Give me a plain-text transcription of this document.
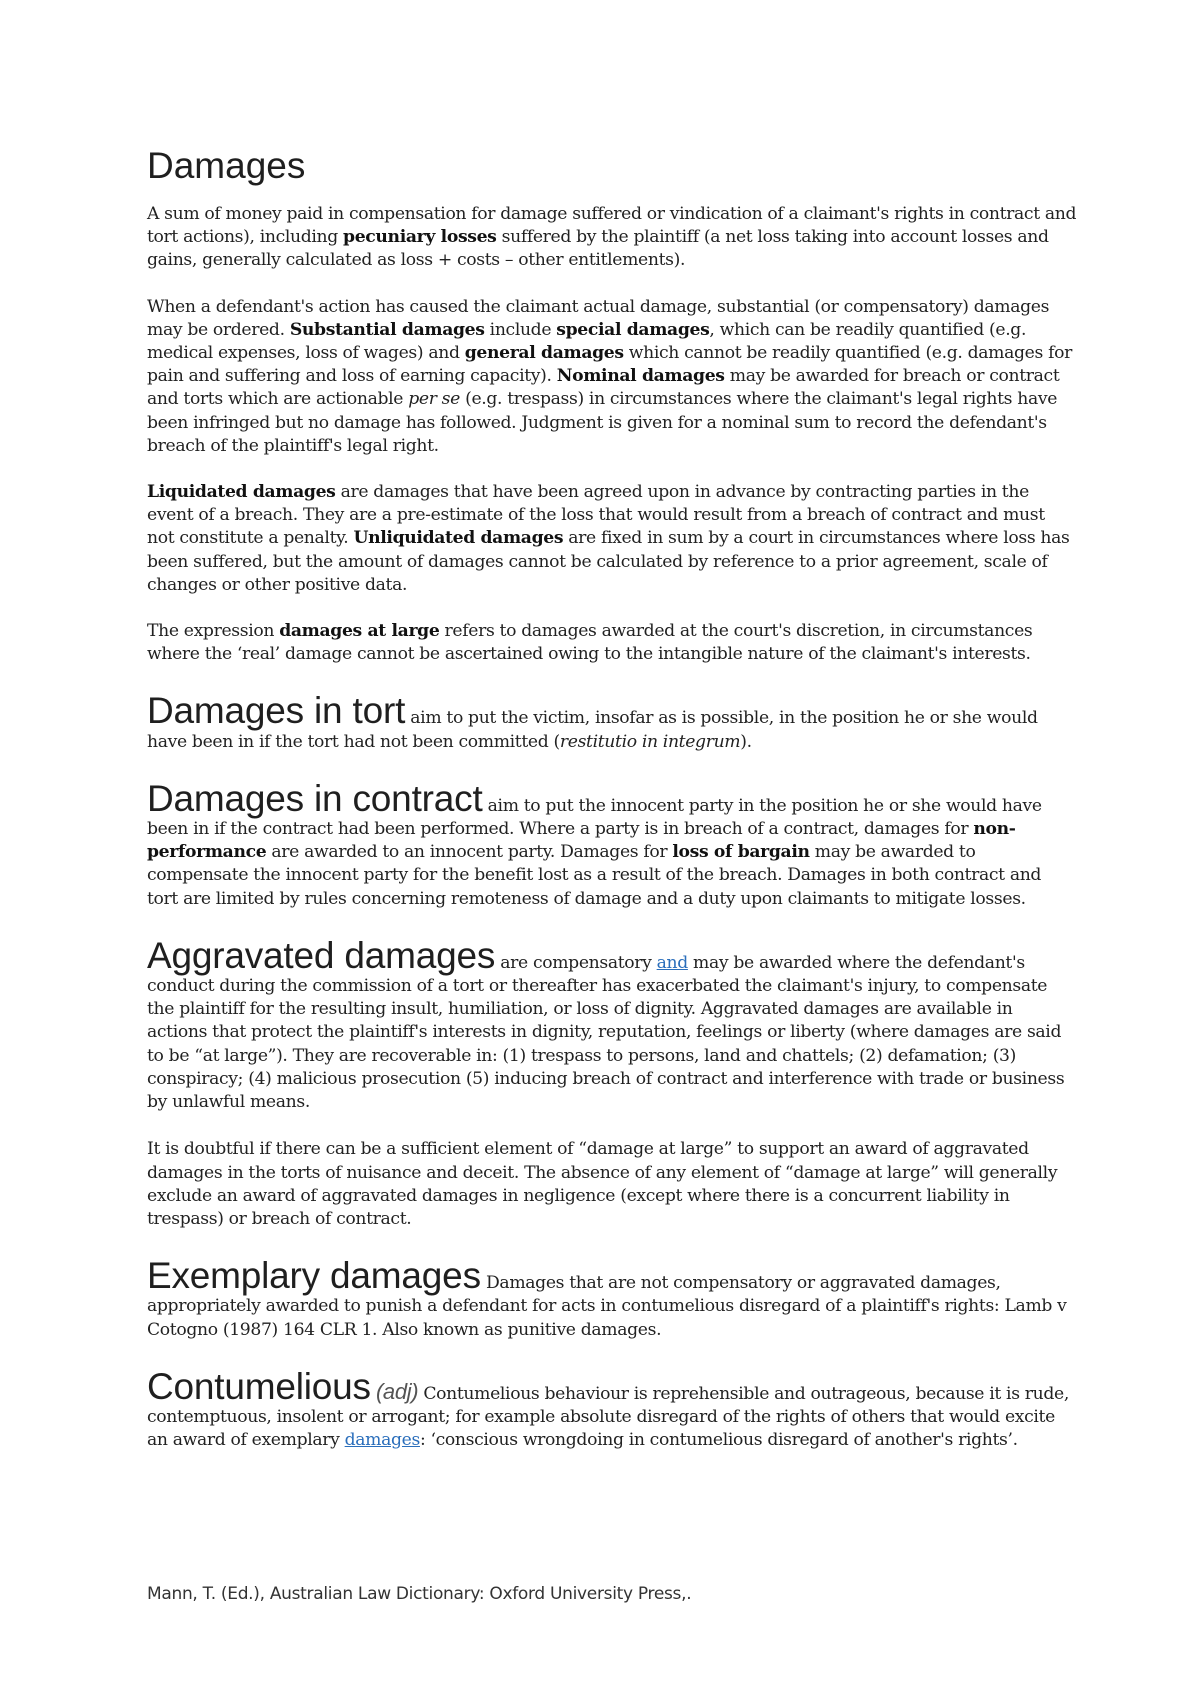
Damages

A sum of money paid in compensation for damage suffered or vindication of a claimant's rights in contract and tort actions), including pecuniary losses suffered by the plaintiff (a net loss taking into account losses and gains, generally calculated as loss + costs – other entitlements).

When a defendant's action has caused the claimant actual damage, substantial (or compensatory) damages may be ordered. Substantial damages include special damages, which can be readily quantified (e.g. medical expenses, loss of wages) and general damages which cannot be readily quantified (e.g. damages for pain and suffering and loss of earning capacity). Nominal damages may be awarded for breach or contract and torts which are actionable per se (e.g. trespass) in circumstances where the claimant's legal rights have been infringed but no damage has followed. Judgment is given for a nominal sum to record the defendant's breach of the plaintiff's legal right.

Liquidated damages are damages that have been agreed upon in advance by contracting parties in the event of a breach. They are a pre-estimate of the loss that would result from a breach of contract and must not constitute a penalty. Unliquidated damages are fixed in sum by a court in circumstances where loss has been suffered, but the amount of damages cannot be calculated by reference to a prior agreement, scale of changes or other positive data.

The expression damages at large refers to damages awarded at the court's discretion, in circumstances where the ‘real’ damage cannot be ascertained owing to the intangible nature of the claimant's interests.

Damages in tort aim to put the victim, insofar as is possible, in the position he or she would have been in if the tort had not been committed (restitutio in integrum).

Damages in contract aim to put the innocent party in the position he or she would have been in if the contract had been performed. Where a party is in breach of a contract, damages for non-performance are awarded to an innocent party. Damages for loss of bargain may be awarded to compensate the innocent party for the benefit lost as a result of the breach. Damages in both contract and tort are limited by rules concerning remoteness of damage and a duty upon claimants to mitigate losses.

Aggravated damages are compensatory and may be awarded where the defendant's conduct during the commission of a tort or thereafter has exacerbated the claimant's injury, to compensate the plaintiff for the resulting insult, humiliation, or loss of dignity. Aggravated damages are available in actions that protect the plaintiff's interests in dignity, reputation, feelings or liberty (where damages are said to be “at large”). They are recoverable in: (1) trespass to persons, land and chattels; (2) defamation; (3) conspiracy; (4) malicious prosecution (5) inducing breach of contract and interference with trade or business by unlawful means.

It is doubtful if there can be a sufficient element of “damage at large” to support an award of aggravated damages in the torts of nuisance and deceit. The absence of any element of “damage at large” will generally exclude an award of aggravated damages in negligence (except where there is a concurrent liability in trespass) or breach of contract.

Exemplary damages Damages that are not compensatory or aggravated damages, appropriately awarded to punish a defendant for acts in contumelious disregard of a plaintiff's rights: Lamb v Cotogno (1987) 164 CLR 1. Also known as punitive damages.

Contumelious (adj) Contumelious behaviour is reprehensible and outrageous, because it is rude, contemptuous, insolent or arrogant; for example absolute disregard of the rights of others that would excite an award of exemplary damages: ‘conscious wrongdoing in contumelious disregard of another's rights’.

Mann, T. (Ed.), Australian Law Dictionary: Oxford University Press,.
